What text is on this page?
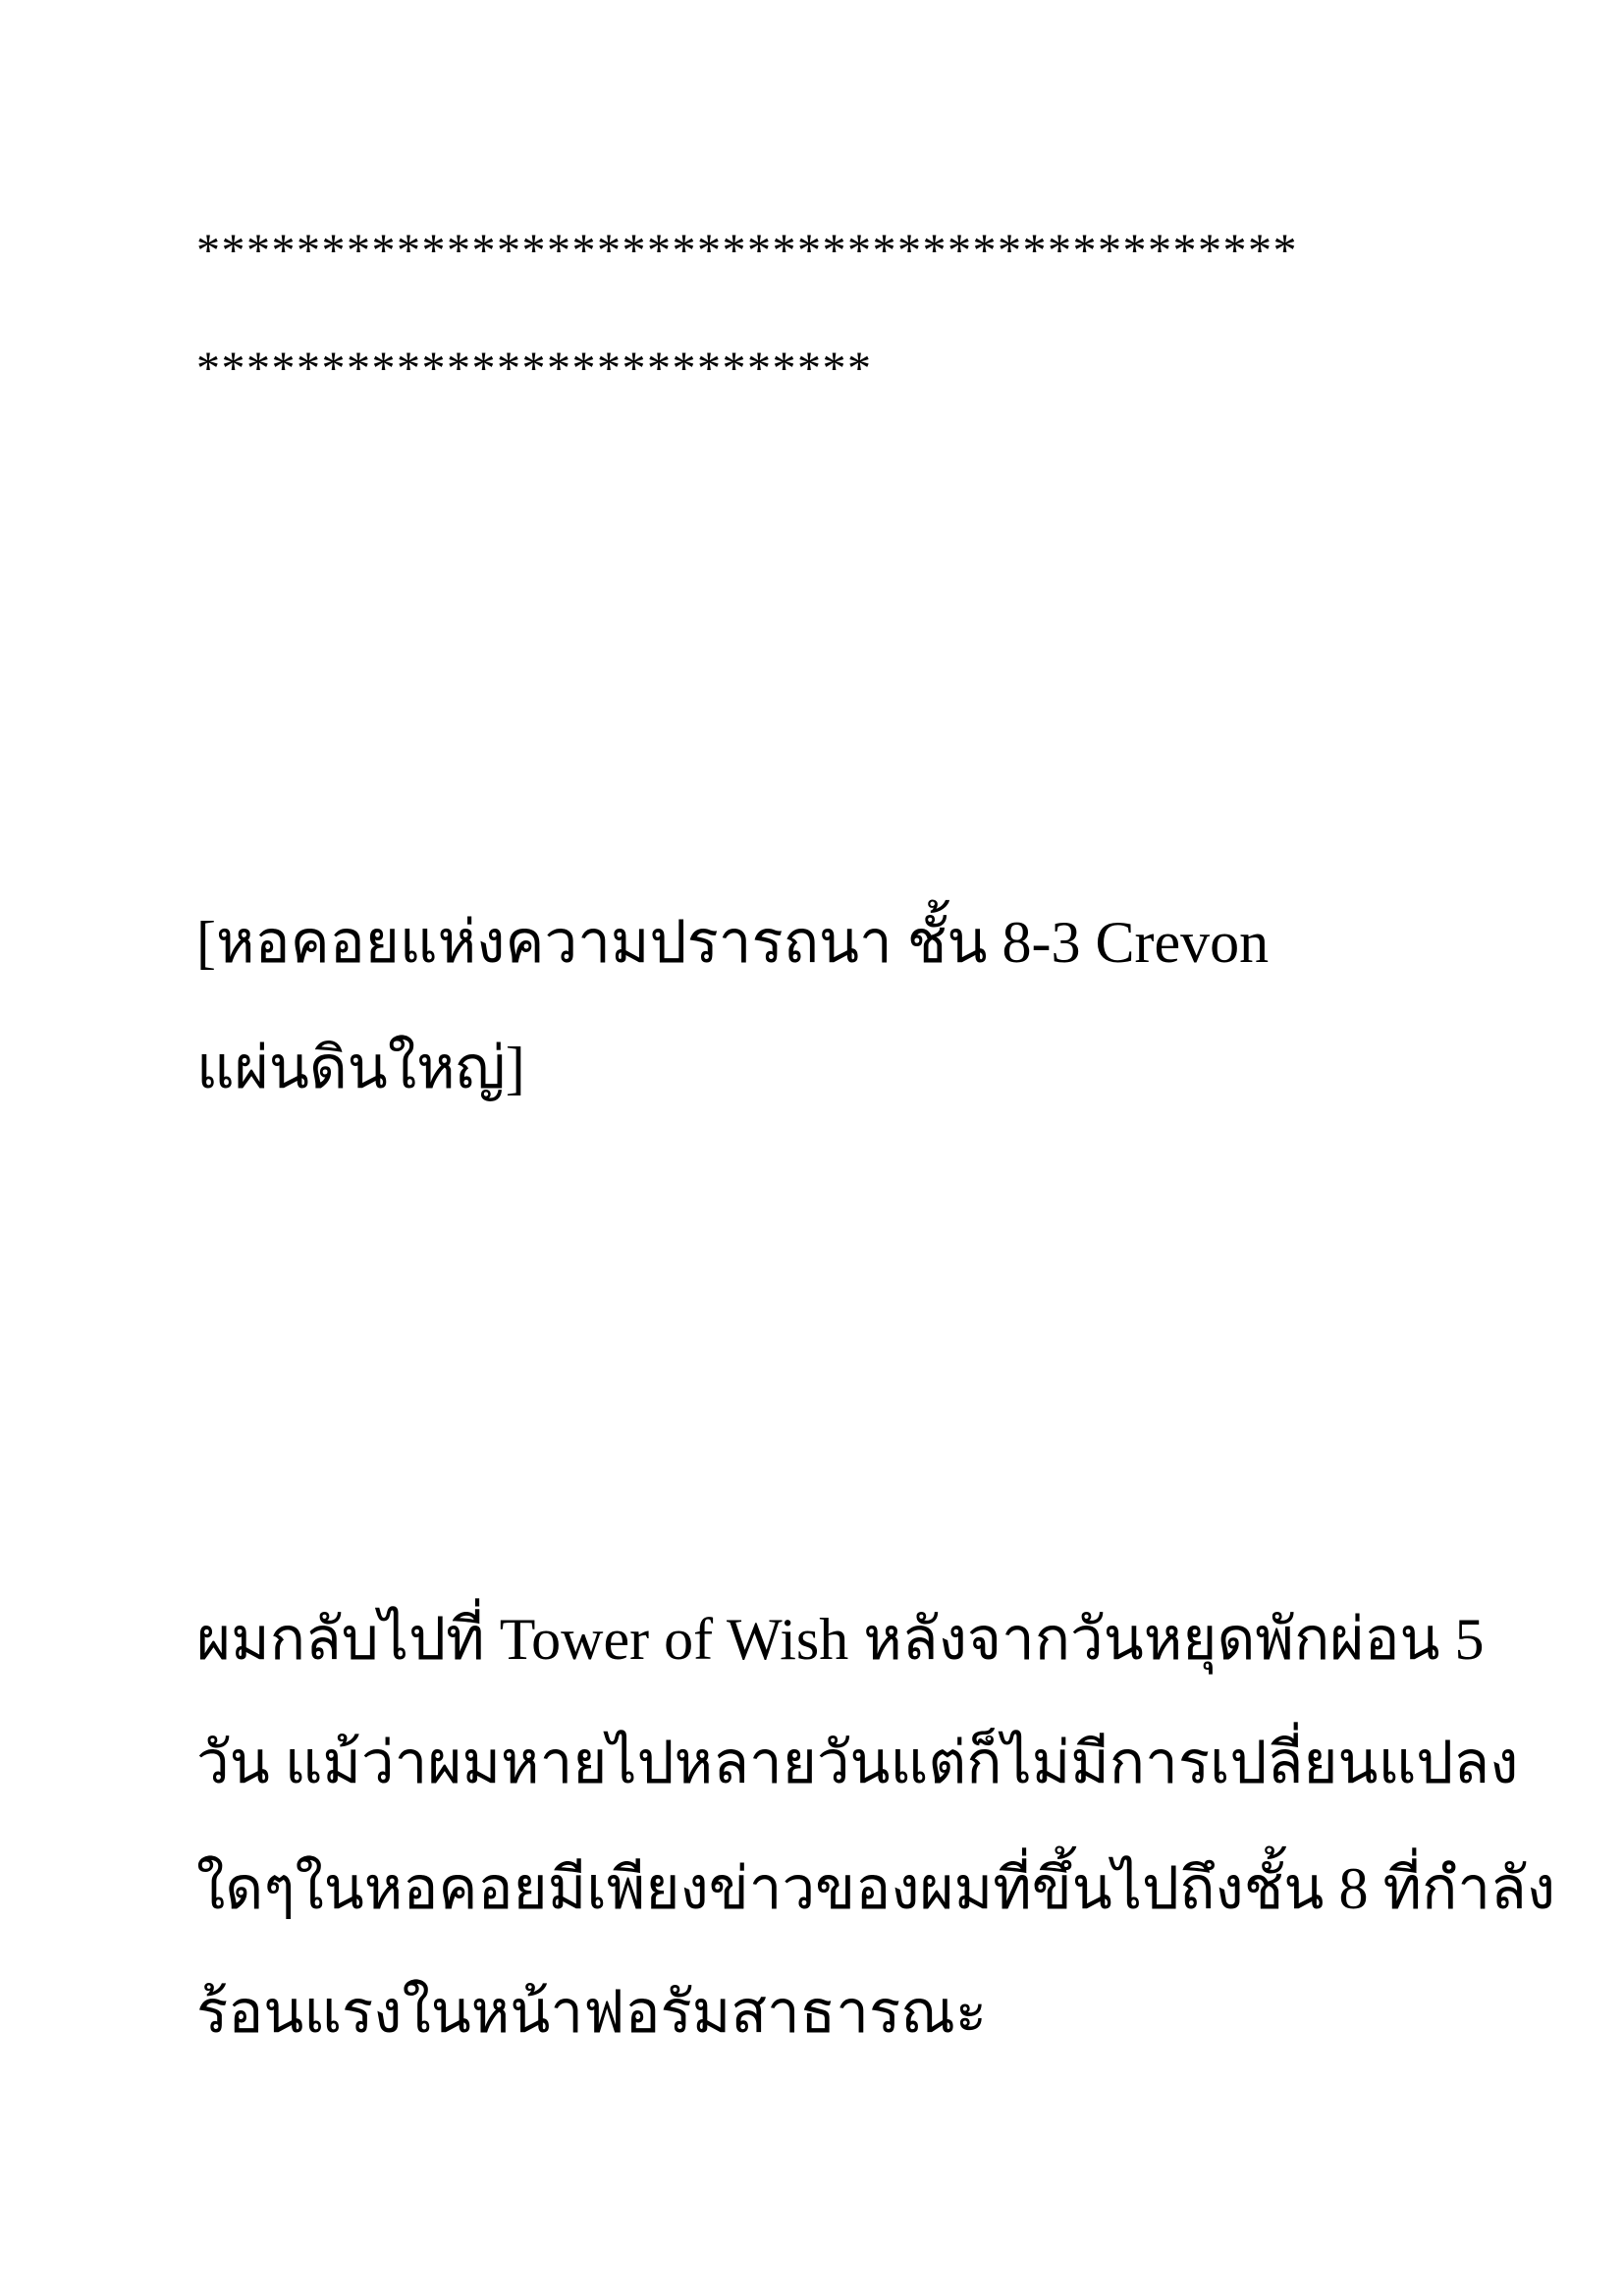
********************************************
***************************
[หอคอยแห่งความปรารถนา ชั้น 8-3 Crevon
แผ่นดินใหญ่]
ผมกลับไปที่ Tower of Wish หลังจากวันหยุดพักผ่อน 5
วัน แม้ว่าผมหายไปหลายวันแต่ก็ไม่มีการเปลี่ยนแปลง
ใดๆในหอคอยมีเพียงข่าวของผมที่ขึ้นไปถึงชั้น 8 ที่กำลัง
ร้อนแรงในหน้าฟอรัมสาธารณะ
